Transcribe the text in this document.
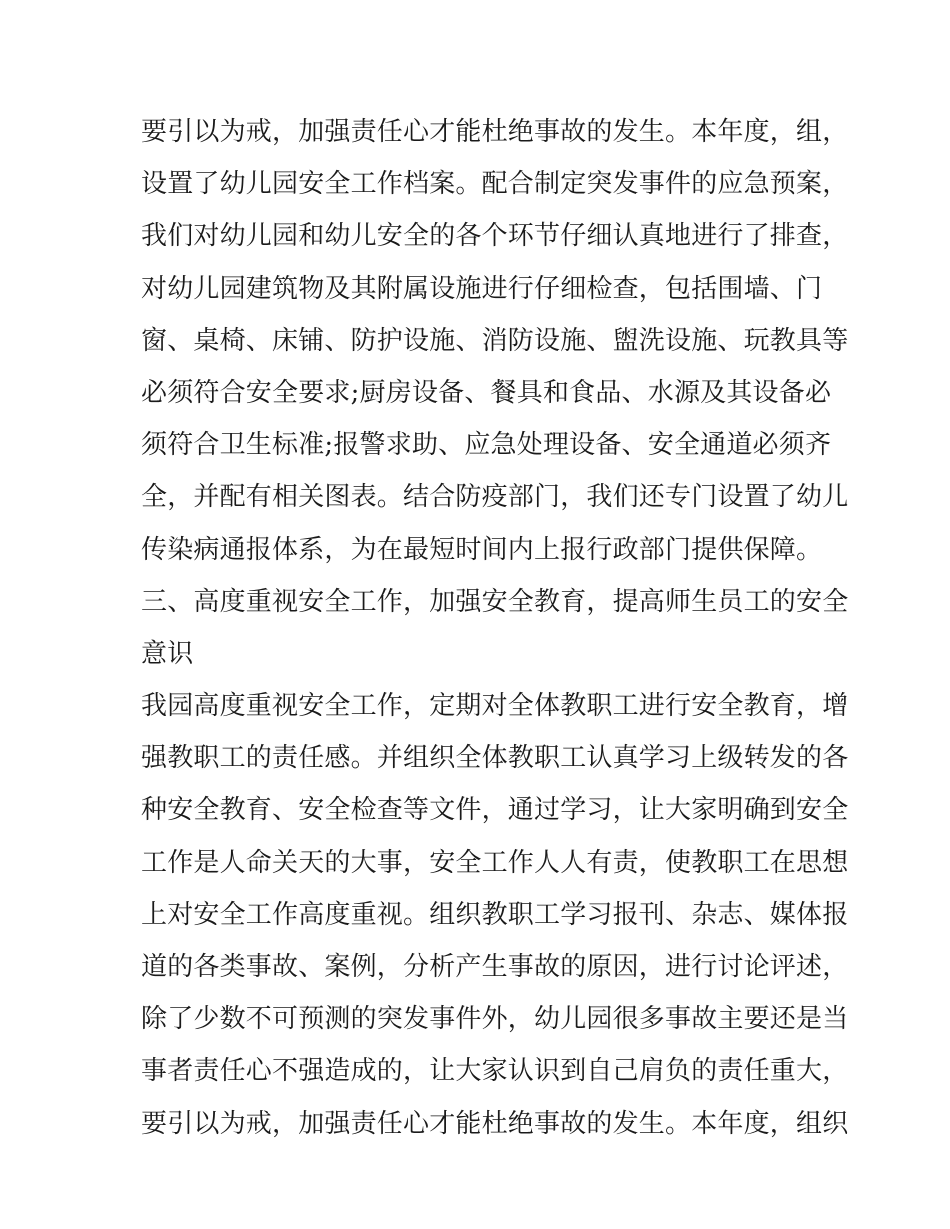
要引以为戒，加强责任心才能杜绝事故的发生。本年度，组，
设置了幼儿园安全工作档案。配合制定突发事件的应急预案，
我们对幼儿园和幼儿安全的各个环节仔细认真地进行了排查，
对幼儿园建筑物及其附属设施进行仔细检查，包括围墙、门
窗、桌椅、床铺、防护设施、消防设施、盥洗设施、玩教具等
必须符合安全要求;厨房设备、餐具和食品、水源及其设备必
须符合卫生标准;报警求助、应急处理设备、安全通道必须齐
全，并配有相关图表。结合防疫部门，我们还专门设置了幼儿
传染病通报体系，为在最短时间内上报行政部门提供保障。
三、高度重视安全工作，加强安全教育，提高师生员工的安全
意识
我园高度重视安全工作，定期对全体教职工进行安全教育，增
强教职工的责任感。并组织全体教职工认真学习上级转发的各
种安全教育、安全检查等文件，通过学习，让大家明确到安全
工作是人命关天的大事，安全工作人人有责，使教职工在思想
上对安全工作高度重视。组织教职工学习报刊、杂志、媒体报
道的各类事故、案例，分析产生事故的原因，进行讨论评述，
除了少数不可预测的突发事件外，幼儿园很多事故主要还是当
事者责任心不强造成的，让大家认识到自己肩负的责任重大，
要引以为戒，加强责任心才能杜绝事故的发生。本年度，组织
